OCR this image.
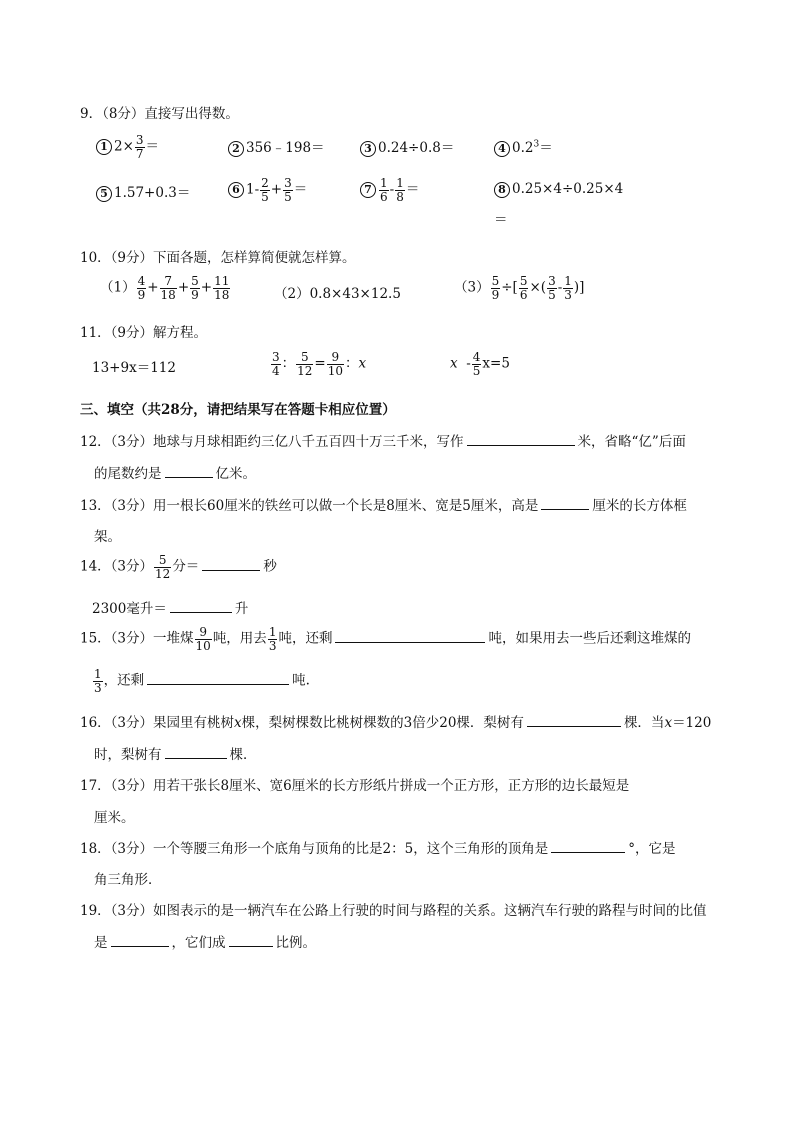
9．（8分）直接写出得数。
1 $2\times \frac{3}{7}$ ＝	2 356﹣198＝	3 0.24÷0.8＝	4 $0.2^3=$
5 1.57+0.3＝	6 $1- \frac{2}{5} + \frac{3}{5}$ ＝	$7 \frac{1}{6} - \frac{1}{8}$ ＝	8 0.25×4÷0.25×4
＝
10．（9分）下面各题，怎样算简便就怎样算。
$(1) \frac{4}{9} + \frac{7}{18} + \frac{5}{9} + \frac{11}{18}$	（2）0.8×43×12.5	$(3) \frac{5}{9}$ ÷[ $\frac{5}{6}$ ×( $\frac{3}{5} - \frac{1}{3}$ )]
11．（9分）解方程。
13+9x＝112	$\frac{3}{4}$ ： $\frac{5}{12} = \frac{9}{10}$ ：x	$x - \frac{4}{5} x=5$
三、填空（共28分，请把结果写在答题卡相应位置）
12．（3分）地球与月球相距约三亿八千五百四十万三千米，写作	米，省略“亿”后面
的尾数约是	亿米。
13．（3分）用一根长60厘米的铁丝可以做一个长是8厘米、宽是5厘米，高是	厘米的长方体框
架。
14．（3分） $\frac{5}{12}$ 分＝	秒
2300毫升＝	升
15．（3分）一堆煤 $\frac{9}{10}$ 吨，用去 $\frac{1}{3}$ 吨，还剩	吨，如果用去一些后还剩这堆煤的
$\frac{1}{3}$ ，还剩	吨.
16．（3分）果园里有桃树x棵，梨树棵数比桃树棵数的3倍少20棵．梨树有	棵．当x＝120
时，梨树有	棵．
17．（3分）用若干张长8厘米、宽6厘米的长方形纸片拼成一个正方形，正方形的边长最短是
厘米。
18．（3分）一个等腰三角形一个底角与顶角的比是2：5，这个三角形的顶角是	°，它是
角三角形．
19．（3分）如图表示的是一辆汽车在公路上行驶的时间与路程的关系。这辆汽车行驶的路程与时间的比值
是	，它们成	比例。
